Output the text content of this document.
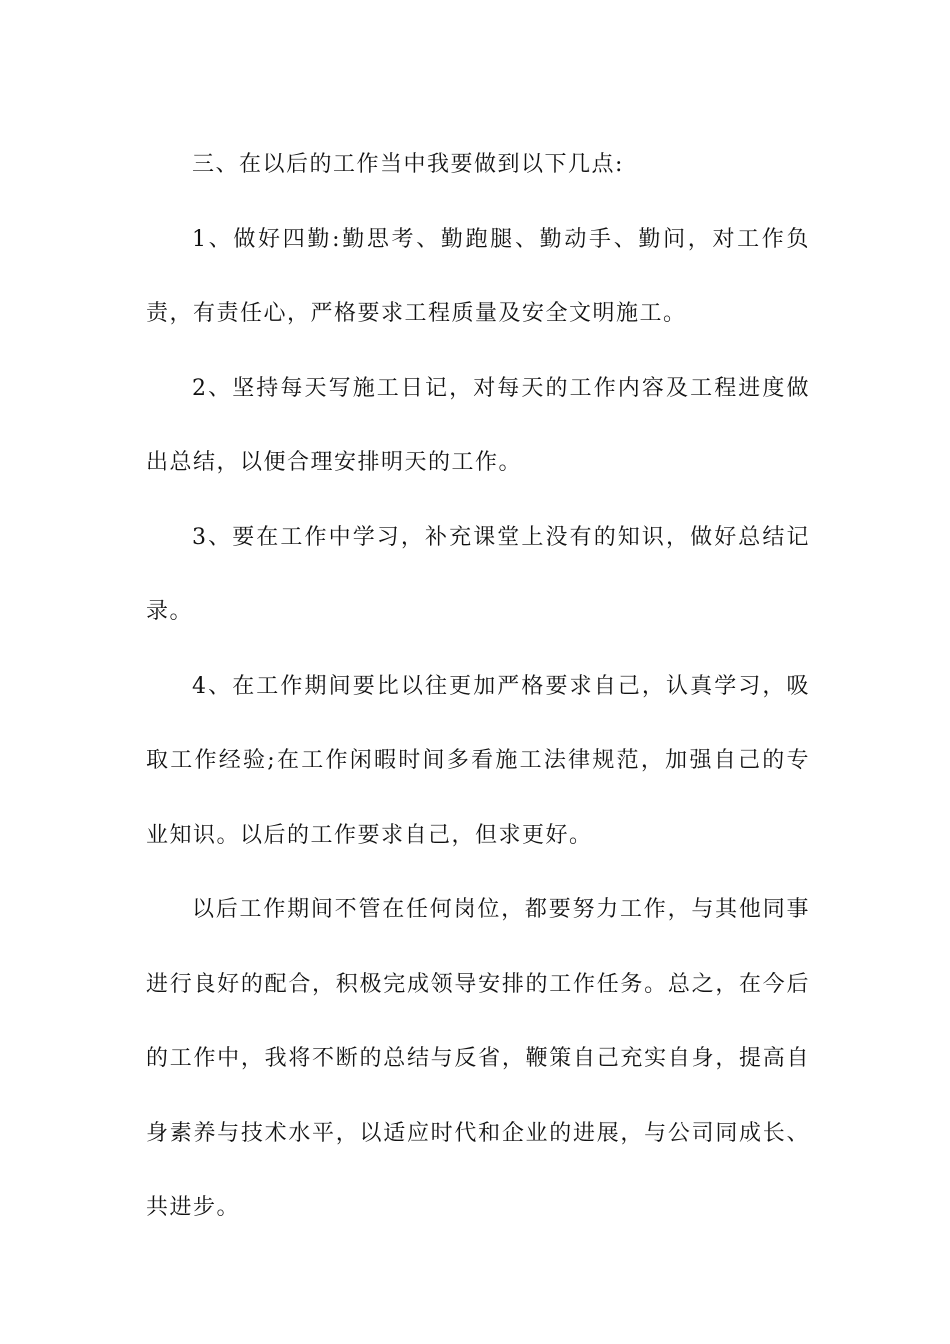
三、在以后的工作当中我要做到以下几点:

1、做好四勤:勤思考、勤跑腿、勤动手、勤问，对工作负责，有责任心，严格要求工程质量及安全文明施工。

2、坚持每天写施工日记，对每天的工作内容及工程进度做出总结，以便合理安排明天的工作。

3、要在工作中学习，补充课堂上没有的知识，做好总结记录。

4、在工作期间要比以往更加严格要求自己，认真学习，吸取工作经验;在工作闲暇时间多看施工法律规范，加强自己的专业知识。以后的工作要求自己，但求更好。

以后工作期间不管在任何岗位，都要努力工作，与其他同事进行良好的配合，积极完成领导安排的工作任务。总之，在今后的工作中，我将不断的总结与反省，鞭策自己充实自身，提高自身素养与技术水平，以适应时代和企业的进展，与公司同成长、共进步。
